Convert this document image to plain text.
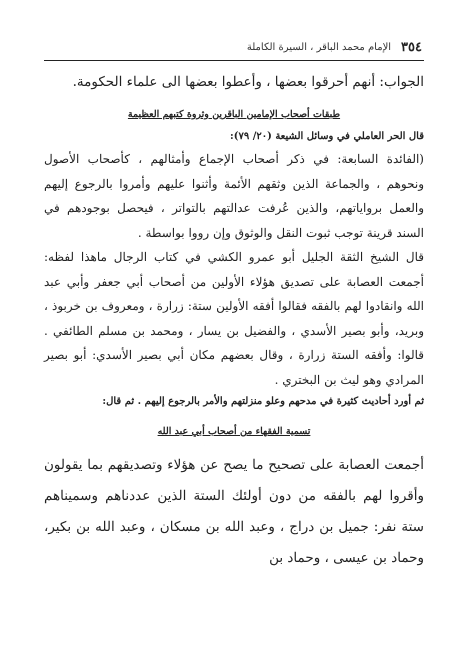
٣٥٤
الإمام محمد الباقر ، السيرة الكاملة

الجواب: أنهم أحرقوا بعضها ، وأعطوا بعضها الى علماء الحكومة.

طبقات أصحاب الإمامين الباقرين وثروة كتبهم العظيمة

قال الحر العاملي في وسائل الشيعة (٢٠/ ٧٩):

(الفائدة السابعة: في ذكر أصحاب الإجماع وأمثالهم ، كأصحاب الأصول ونحوهم ، والجماعة الذين وثقهم الأئمة وأثنوا عليهم وأمروا بالرجوع إليهم والعمل برواياتهم، والذين عُرفت عدالتهم بالتواتر ، فيحصل بوجودهم في السند قرينة توجب ثبوت النقل والوثوق وإن رووا بواسطة .

قال الشيخ الثقة الجليل أبو عمرو الكشي في كتاب الرجال ماهذا لفظه: أجمعت العصابة على تصديق هؤلاء الأولين من أصحاب أبي جعفر وأبي عبد الله وانقادوا لهم بالفقه فقالوا أفقه الأولين ستة: زرارة ، ومعروف بن خربوذ ، وبريد، وأبو بصير الأسدي ، والفضيل بن يسار ، ومحمد بن مسلم الطائفي . قالوا: وأفقه الستة زرارة ، وقال بعضهم مكان أبي بصير الأسدي: أبو بصير المرادي وهو ليث بن البختري .

ثم أورد أحاديث كثيرة في مدحهم وعلو منزلتهم والأمر بالرجوع إليهم . ثم قال:

تسمية الفقهاء من أصحاب أبي عبد الله

أجمعت العصابة على تصحيح ما يصح عن هؤلاء وتصديقهم بما يقولون وأقروا لهم بالفقه من دون أولئك الستة الذين عددناهم وسميناهم ستة نفر: جميل بن دراج ، وعبد الله بن مسكان ، وعبد الله بن بكير، وحماد بن عيسى ، وحماد بن
